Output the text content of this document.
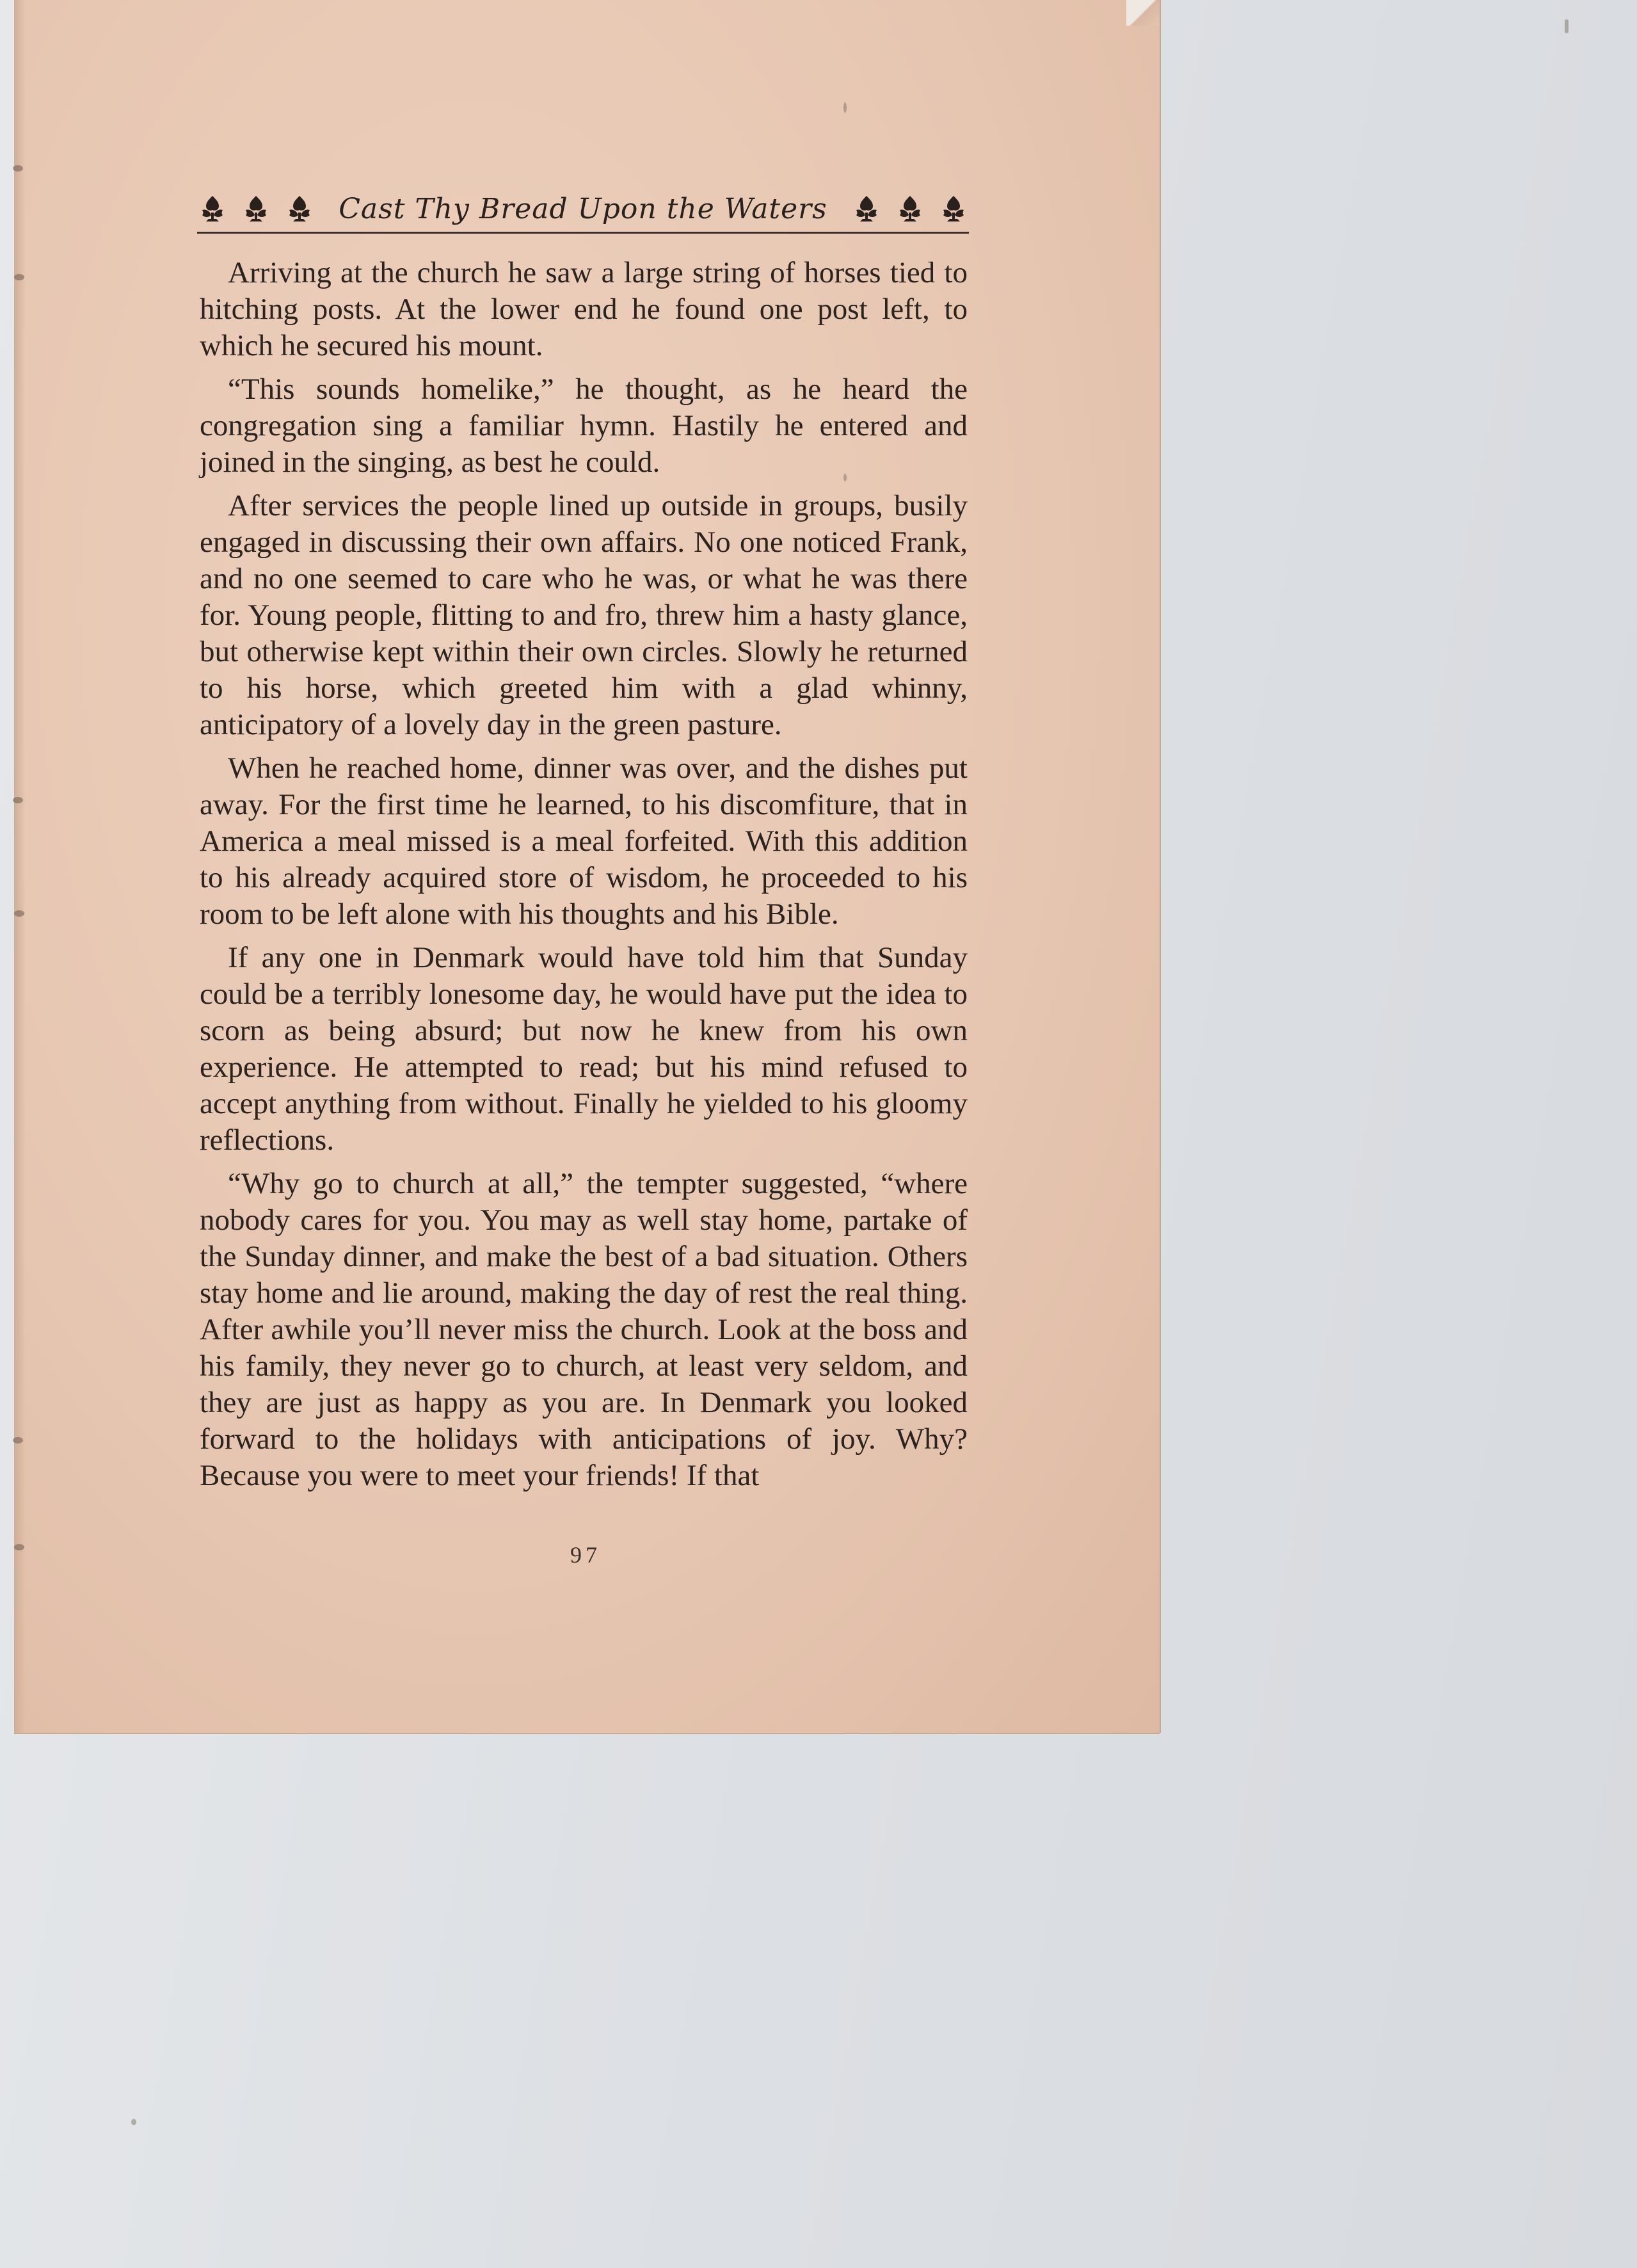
Cast Thy Bread Upon the Waters

Arriving at the church he saw a large string of horses tied to hitching posts. At the lower end he found one post left, to which he secured his mount.

“This sounds homelike,” he thought, as he heard the congregation sing a familiar hymn. Hastily he entered and joined in the singing, as best he could.

After services the people lined up outside in groups, busily engaged in discussing their own affairs. No one noticed Frank, and no one seemed to care who he was, or what he was there for. Young people, flitting to and fro, threw him a hasty glance, but otherwise kept within their own circles. Slowly he returned to his horse, which greeted him with a glad whinny, anticipatory of a lovely day in the green pasture.

When he reached home, dinner was over, and the dishes put away. For the first time he learned, to his discomfiture, that in America a meal missed is a meal forfeited. With this addition to his already acquired store of wisdom, he proceeded to his room to be left alone with his thoughts and his Bible.

If any one in Denmark would have told him that Sunday could be a terribly lonesome day, he would have put the idea to scorn as being absurd; but now he knew from his own experience. He attempted to read; but his mind refused to accept anything from without. Finally he yielded to his gloomy reflections.

“Why go to church at all,” the tempter suggested, “where nobody cares for you. You may as well stay home, partake of the Sunday dinner, and make the best of a bad situation. Others stay home and lie around, making the day of rest the real thing. After awhile you’ll never miss the church. Look at the boss and his family, they never go to church, at least very seldom, and they are just as happy as you are. In Denmark you looked forward to the holidays with anticipations of joy. Why? Because you were to meet your friends! If that

97
